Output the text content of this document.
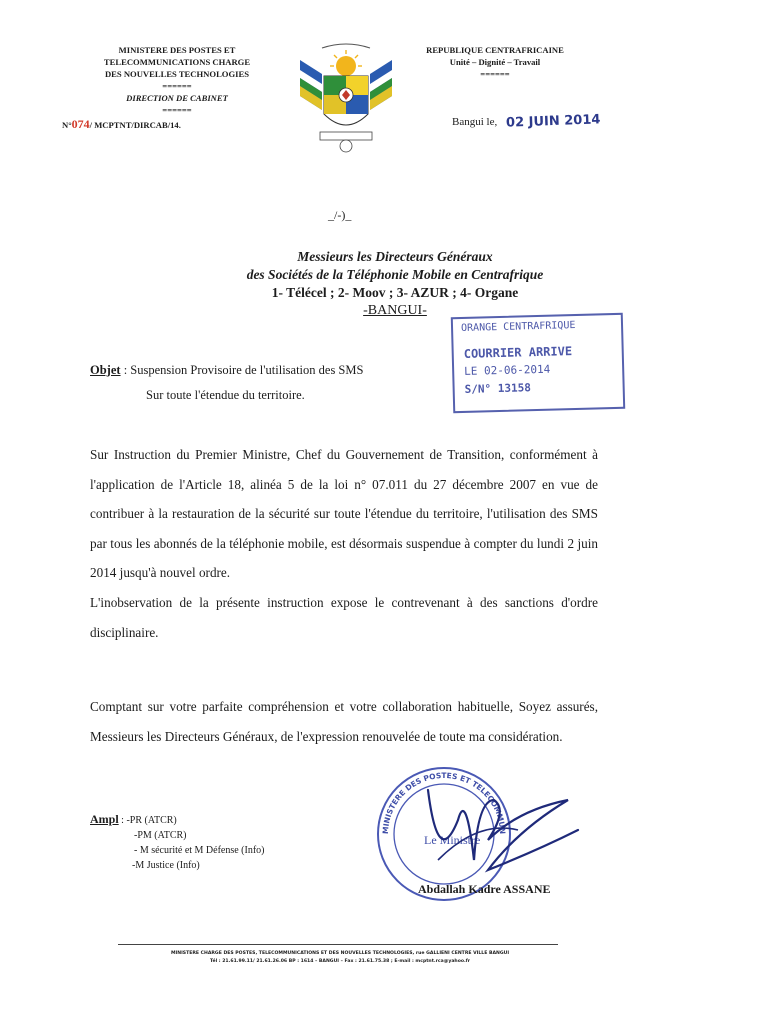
MINISTERE DES POSTES ET
TELECOMMUNICATIONS CHARGE
DES NOUVELLES TECHNOLOGIES
======
DIRECTION DE CABINET
======
N°074/ MCPTNT/DIRCAB/14.
REPUBLIQUE CENTRAFRICAINE
Unité – Dignité – Travail
======
Bangui le, 02 JUIN 2014
_/-)_
Messieurs les Directeurs Généraux
des Sociétés de la Téléphonie Mobile en Centrafrique
1- Télécel ; 2- Moov ; 3- AZUR ; 4- Organe
-BANGUI-
ORANGE CENTRAFRIQUE
COURRIER ARRIVE
LE 02-06-2014
S/N° 13158
Objet : Suspension Provisoire de l'utilisation des SMS
Sur toute l'étendue du territoire.

Sur Instruction du Premier Ministre, Chef du Gouvernement de Transition, conformément à l'application de l'Article 18, alinéa 5 de la loi n° 07.011 du 27 décembre 2007 en vue de contribuer à la restauration de la sécurité sur toute l'étendue du territoire, l'utilisation des SMS par tous les abonnés de la téléphonie mobile, est désormais suspendue à compter du lundi 2 juin 2014 jusqu'à nouvel ordre.

L'inobservation de la présente instruction expose le contrevenant à des sanctions d'ordre disciplinaire.

Comptant sur votre parfaite compréhension et votre collaboration habituelle, Soyez assurés, Messieurs les Directeurs Généraux, de l'expression renouvelée de toute ma considération.

Ampl : -PR (ATCR)
-PM (ATCR)
- M sécurité et M Défense (Info)
-M Justice (Info)
MINISTERE DES POSTES ET TELECOMMUN
Le Ministre
Abdallah Kadre ASSANE
MINISTERE CHARGE DES POSTES, TELECOMMUNICATIONS ET DES NOUVELLES TECHNOLOGIES, rue GALLIENI CENTRE VILLE BANGUI
Tél : 21.61.99.11/ 21.61.26.06 BP : 1614 – BANGUI – Fax : 21.61.75.38 ; E-mail : mcptnt.rca@yahoo.fr
